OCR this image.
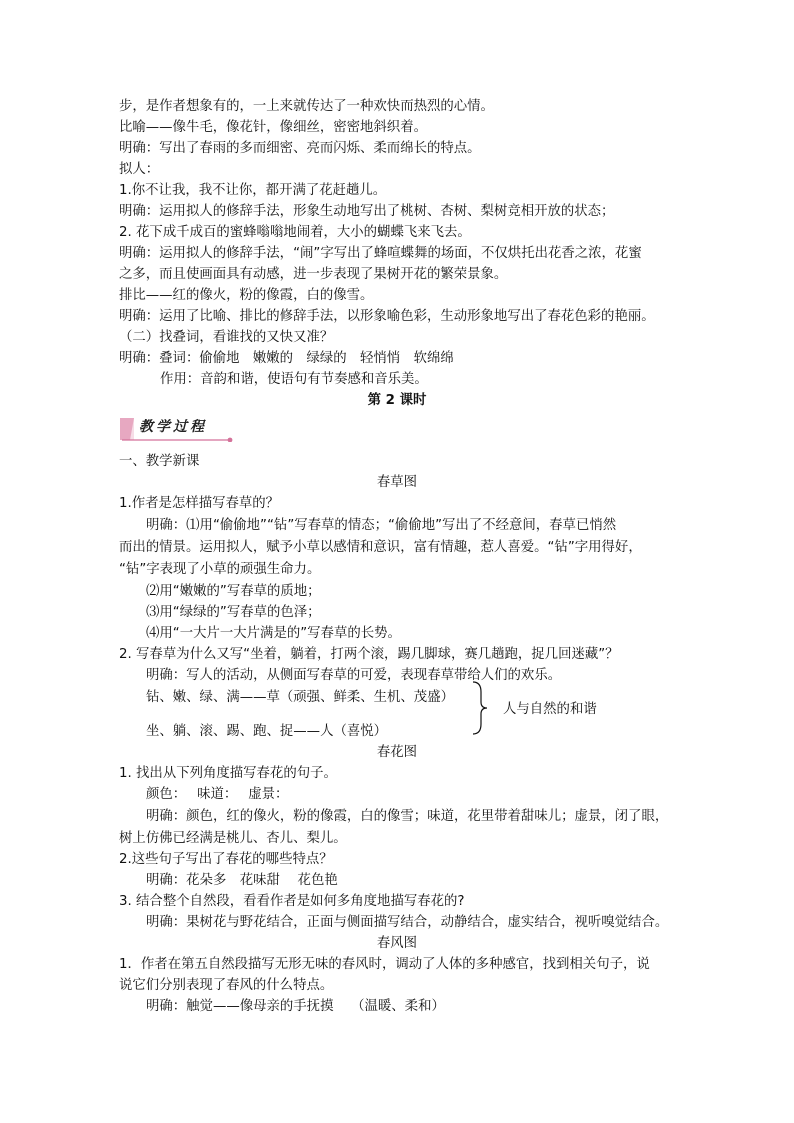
步，是作者想象有的，一上来就传达了一种欢快而热烈的心情。
比喻——像牛毛，像花针，像细丝，密密地斜织着。
明确：写出了春雨的多而细密、亮而闪烁、柔而绵长的特点。
拟人：
1.你不让我，我不让你，都开满了花赶趟儿。
明确：运用拟人的修辞手法，形象生动地写出了桃树、杏树、梨树竞相开放的状态；
2. 花下成千成百的蜜蜂嗡嗡地闹着，大小的蝴蝶飞来飞去。
明确：运用拟人的修辞手法，“闹”字写出了蜂喧蝶舞的场面，不仅烘托出花香之浓，花蜜
之多，而且使画面具有动感，进一步表现了果树开花的繁荣景象。
排比——红的像火，粉的像霞，白的像雪。
明确：运用了比喻、排比的修辞手法，以形象喻色彩，生动形象地写出了春花色彩的艳丽。
（二）找叠词，看谁找的又快又准？
明确：叠词：偷偷地　嫩嫩的　绿绿的　轻悄悄　软绵绵
作用：音韵和谐，使语句有节奏感和音乐美。
第 2 课时
教学过程
一、教学新课
春草图
1.作者是怎样描写春草的？
明确：⑴用“偷偷地”“钻”写春草的情态；“偷偷地”写出了不经意间，春草已悄然
而出的情景。运用拟人，赋予小草以感情和意识，富有情趣，惹人喜爱。“钻”字用得好，
“钻”字表现了小草的顽强生命力。
⑵用“嫩嫩的”写春草的质地；
⑶用“绿绿的”写春草的色泽；
⑷用“一大片一大片满是的”写春草的长势。
2. 写春草为什么又写“坐着，躺着，打两个滚，踢几脚球，赛几趟跑，捉几回迷藏”？
明确：写人的活动，从侧面写春草的可爱，表现春草带给人们的欢乐。
钻、嫩、绿、满——草（顽强、鲜柔、生机、茂盛）
人与自然的和谐
坐、躺、滚、踢、跑、捉——人（喜悦）
春花图
1. 找出从下列角度描写春花的句子。
颜色：　 味道：　 虚景：
明确：颜色，红的像火，粉的像霞，白的像雪；味道，花里带着甜味儿；虚景，闭了眼，
树上仿佛已经满是桃儿、杏儿、梨儿。
2.这些句子写出了春花的哪些特点？
明确：花朵多　花味甜　 花色艳
3. 结合整个自然段，看看作者是如何多角度地描写春花的?
明确：果树花与野花结合，正面与侧面描写结合，动静结合，虚实结合，视听嗅觉结合。
春风图
1．作者在第五自然段描写无形无味的春风时，调动了人体的多种感官，找到相关句子，说
说它们分别表现了春风的什么特点。
明确：触觉——像母亲的手抚摸　 （温暖、柔和）
